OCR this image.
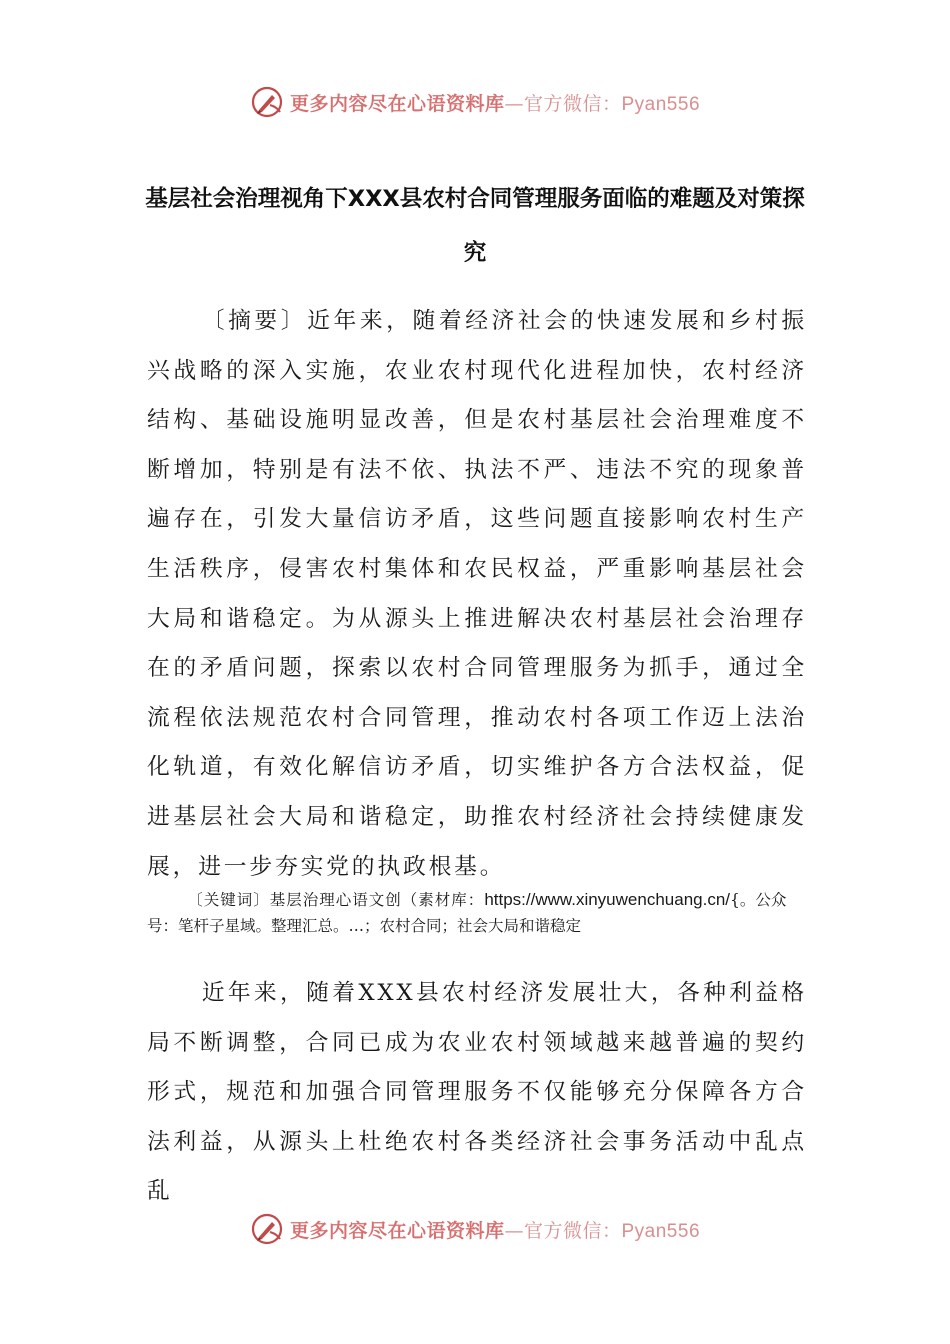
更多内容尽在心语资料库—官方微信：Pyan556
基层社会治理视角下XXX县农村合同管理服务面临的难题及对策探究

〔摘要〕近年来，随着经济社会的快速发展和乡村振兴战略的深入实施，农业农村现代化进程加快，农村经济结构、基础设施明显改善，但是农村基层社会治理难度不断增加，特别是有法不依、执法不严、违法不究的现象普遍存在，引发大量信访矛盾，这些问题直接影响农村生产生活秩序，侵害农村集体和农民权益，严重影响基层社会大局和谐稳定。为从源头上推进解决农村基层社会治理存在的矛盾问题，探索以农村合同管理服务为抓手，通过全流程依法规范农村合同管理，推动农村各项工作迈上法治化轨道，有效化解信访矛盾，切实维护各方合法权益，促进基层社会大局和谐稳定，助推农村经济社会持续健康发展，进一步夯实党的执政根基。

〔关键词〕基层治理心语文创（素材库：https://www.xinyuwenchuang.cn/{。公众号：笔杆子星域。整理汇总。…；农村合同；社会大局和谐稳定

近年来，随着XXX县农村经济发展壮大，各种利益格局不断调整，合同已成为农业农村领域越来越普遍的契约形式，规范和加强合同管理服务不仅能够充分保障各方合法利益，从源头上杜绝农村各类经济社会事务活动中乱点乱

更多内容尽在心语资料库—官方微信：Pyan556
